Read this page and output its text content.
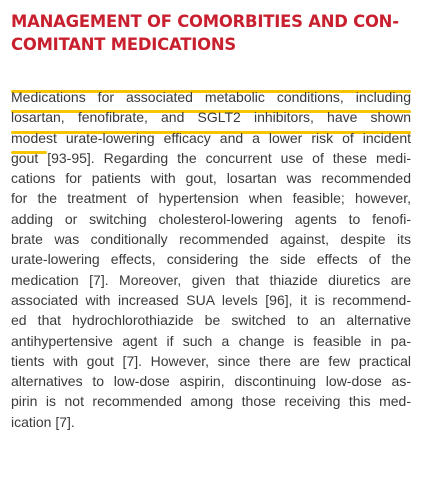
MANAGEMENT OF COMORBITIES AND CON-
COMITANT MEDICATIONS
Medications for associated metabolic conditions, including
losartan, fenofibrate, and SGLT2 inhibitors, have shown
modest urate-lowering efficacy and a lower risk of incident
gout [93-95]. Regarding the concurrent use of these medi-
cations for patients with gout, losartan was recommended
for the treatment of hypertension when feasible; however,
adding or switching cholesterol-lowering agents to fenofi-
brate was conditionally recommended against, despite its
urate-lowering effects, considering the side effects of the
medication [7]. Moreover, given that thiazide diuretics are
associated with increased SUA levels [96], it is recommend-
ed that hydrochlorothiazide be switched to an alternative
antihypertensive agent if such a change is feasible in pa-
tients with gout [7]. However, since there are few practical
alternatives to low-dose aspirin, discontinuing low-dose as-
pirin is not recommended among those receiving this med-
ication [7].
